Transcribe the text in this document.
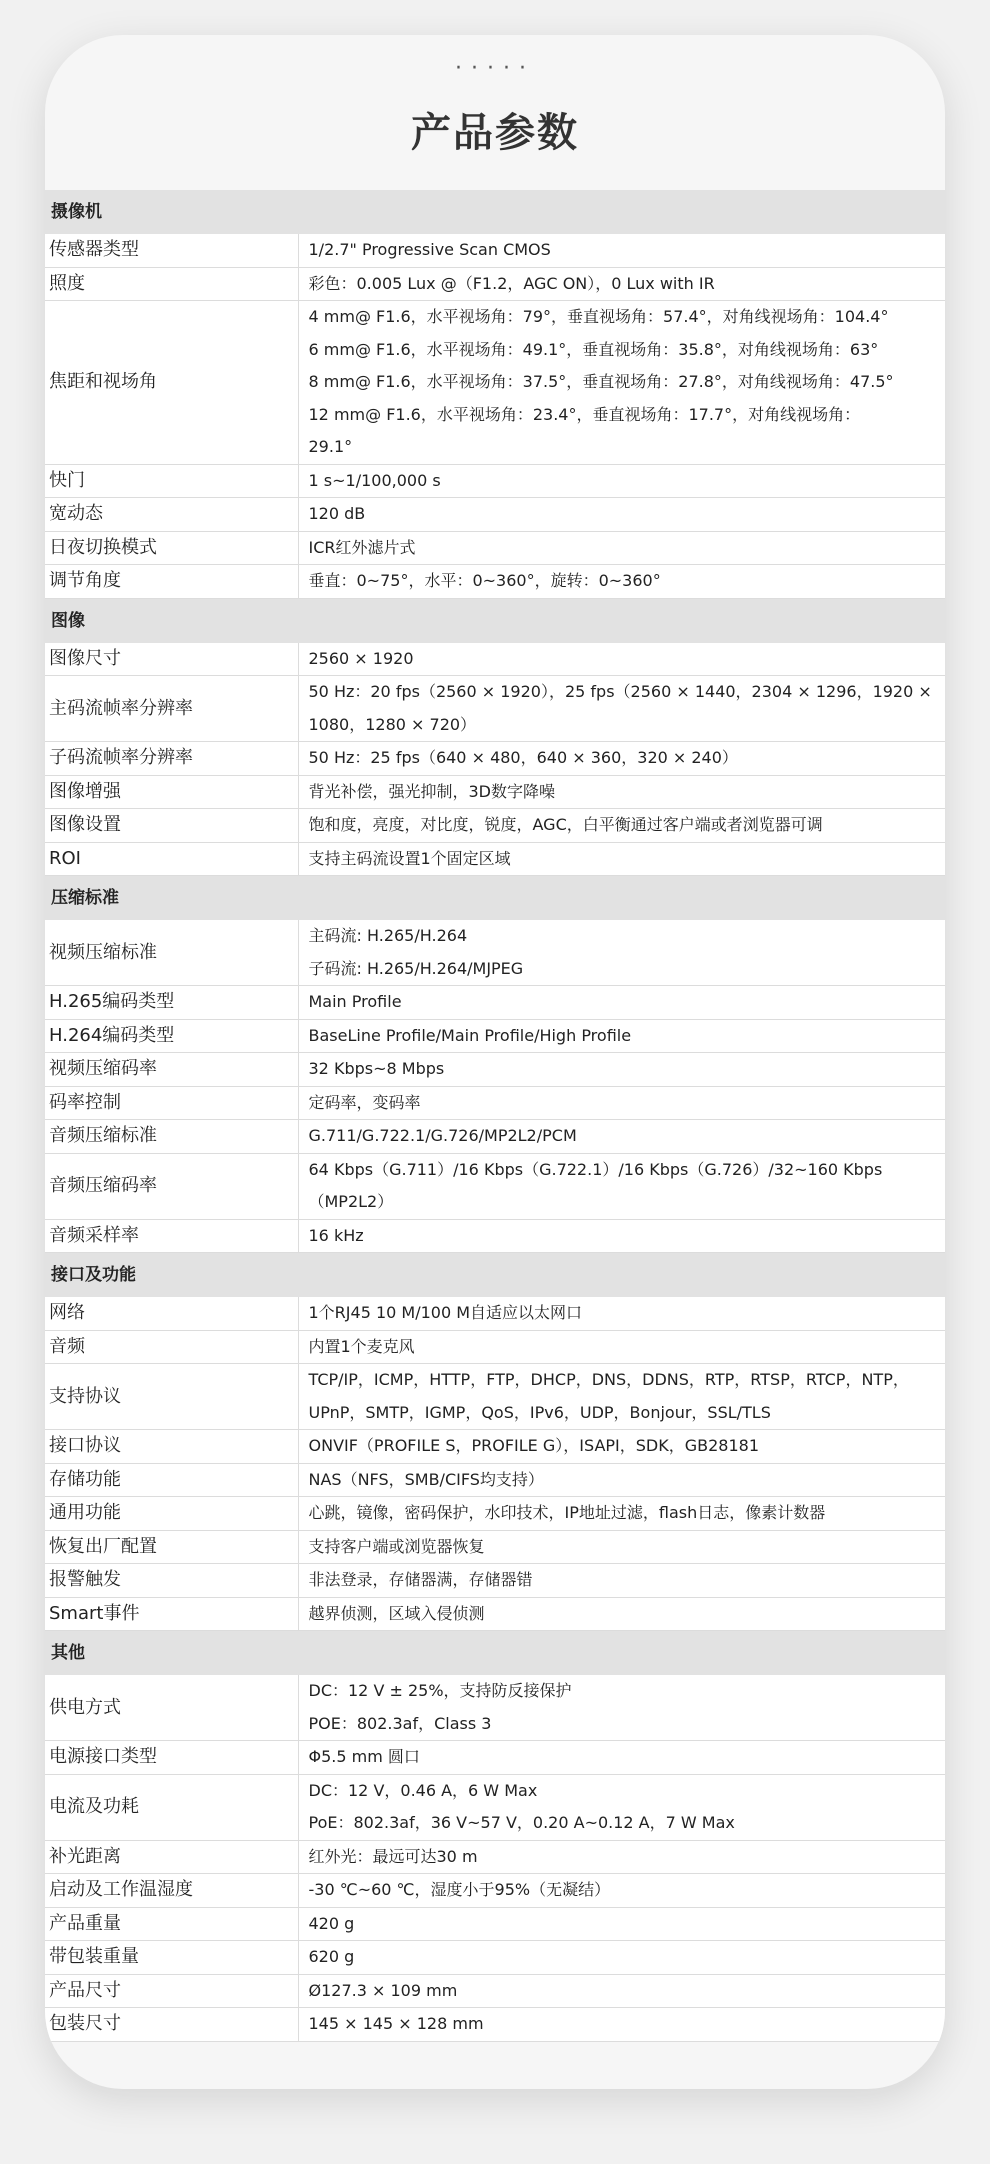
·····
产品参数
摄像机	
传感器类型	1/2.7" Progressive Scan CMOS

照度	彩色：0.005 Lux @（F1.2，AGC ON），0 Lux with IR

焦距和视场角	4 mm@ F1.6，水平视场角：79°，垂直视场角：57.4°，对角线视场角：104.4°
6 mm@ F1.6，水平视场角：49.1°，垂直视场角：35.8°，对角线视场角：63°
8 mm@ F1.6，水平视场角：37.5°，垂直视场角：27.8°，对角线视场角：47.5°
12 mm@ F1.6，水平视场角：23.4°，垂直视场角：17.7°，对角线视场角：
29.1°

快门	1 s~1/100,000 s

宽动态	120 dB

日夜切换模式	ICR红外滤片式

调节角度	垂直：0~75°，水平：0~360°，旋转：0~360°

图像	
图像尺寸	2560 × 1920

主码流帧率分辨率	50 Hz：20 fps（2560 × 1920），25 fps（2560 × 1440，2304 × 1296，1920 ×
1080，1280 × 720）

子码流帧率分辨率	50 Hz：25 fps（640 × 480，640 × 360，320 × 240）

图像增强	背光补偿，强光抑制，3D数字降噪

图像设置	饱和度，亮度，对比度，锐度，AGC，白平衡通过客户端或者浏览器可调

ROI	支持主码流设置1个固定区域

压缩标准	
视频压缩标准	主码流: H.265/H.264
子码流: H.265/H.264/MJPEG

H.265编码类型	Main Profile

H.264编码类型	BaseLine Profile/Main Profile/High Profile

视频压缩码率	32 Kbps~8 Mbps

码率控制	定码率，变码率

音频压缩标准	G.711/G.722.1/G.726/MP2L2/PCM

音频压缩码率	64 Kbps（G.711）/16 Kbps（G.722.1）/16 Kbps（G.726）/32~160 Kbps
（MP2L2）

音频采样率	16 kHz

接口及功能	
网络	1个RJ45 10 M/100 M自适应以太网口

音频	内置1个麦克风

支持协议	TCP/IP，ICMP，HTTP，FTP，DHCP，DNS，DDNS，RTP，RTSP，RTCP，NTP，
UPnP，SMTP，IGMP，QoS，IPv6，UDP，Bonjour，SSL/TLS

接口协议	ONVIF（PROFILE S，PROFILE G），ISAPI，SDK，GB28181

存储功能	NAS（NFS，SMB/CIFS均支持）

通用功能	心跳，镜像，密码保护，水印技术，IP地址过滤，flash日志，像素计数器

恢复出厂配置	支持客户端或浏览器恢复

报警触发	非法登录，存储器满，存储器错

Smart事件	越界侦测，区域入侵侦测

其他	
供电方式	DC：12 V ± 25%，支持防反接保护
POE：802.3af，Class 3

电源接口类型	Φ5.5 mm 圆口

电流及功耗	DC：12 V，0.46 A，6 W Max
PoE：802.3af，36 V~57 V，0.20 A~0.12 A，7 W Max

补光距离	红外光：最远可达30 m

启动及工作温湿度	-30 ℃~60 ℃，湿度小于95%（无凝结）

产品重量	420 g

带包装重量	620 g

产品尺寸	Ø127.3 × 109 mm

包装尺寸	145 × 145 × 128 mm
